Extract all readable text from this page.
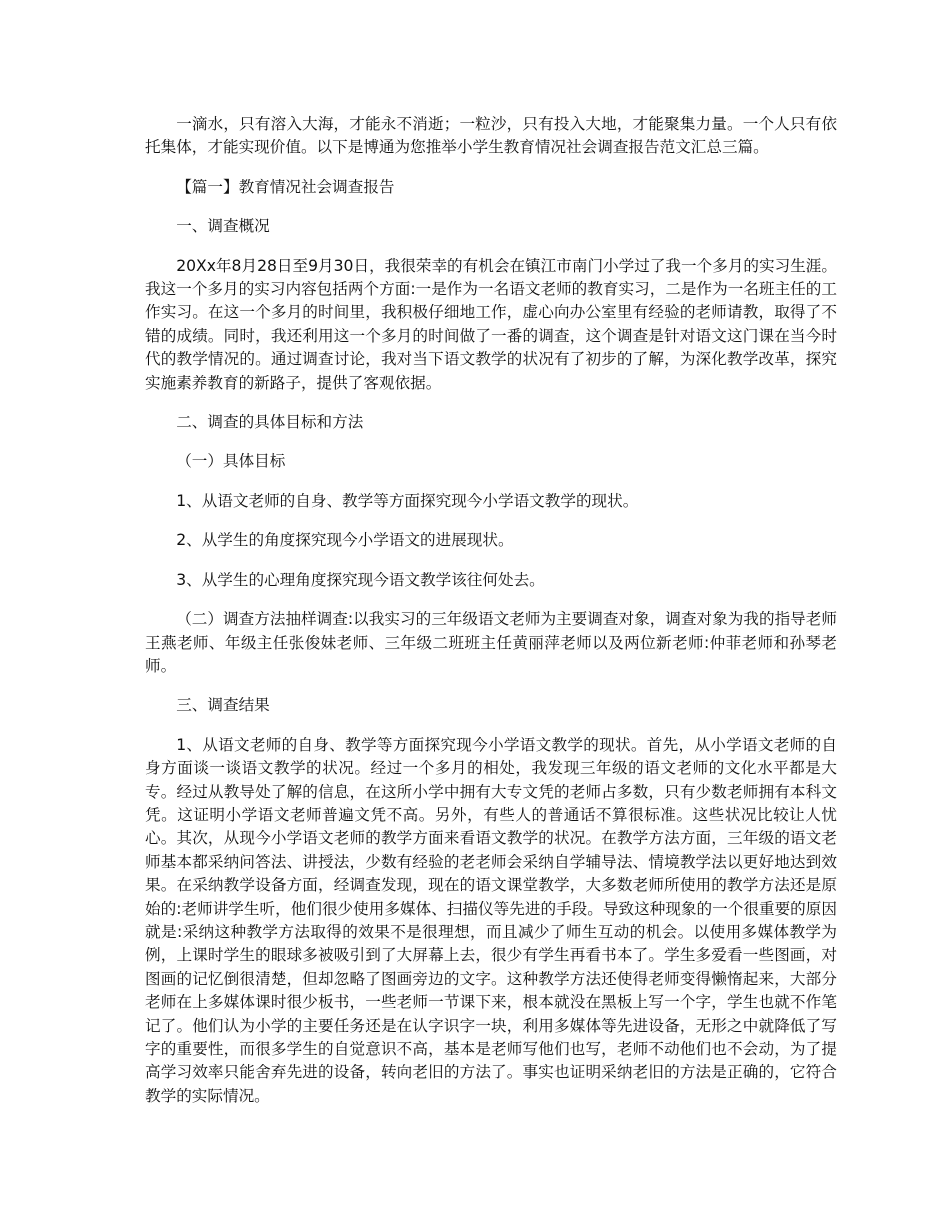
一滴水，只有溶入大海，才能永不消逝；一粒沙，只有投入大地，才能聚集力量。一个人只有依托集体，才能实现价值。以下是博通为您推举小学生教育情况社会调查报告范文汇总三篇。

【篇一】教育情况社会调查报告

一、调查概况

20Xx年8月28日至9月30日，我很荣幸的有机会在镇江市南门小学过了我一个多月的实习生涯。我这一个多月的实习内容包括两个方面:一是作为一名语文老师的教育实习，二是作为一名班主任的工作实习。在这一个多月的时间里，我积极仔细地工作，虚心向办公室里有经验的老师请教，取得了不错的成绩。同时，我还利用这一个多月的时间做了一番的调查，这个调查是针对语文这门课在当今时代的教学情况的。通过调查讨论，我对当下语文教学的状况有了初步的了解，为深化教学改革，探究实施素养教育的新路子，提供了客观依据。

二、调查的具体目标和方法

（一）具体目标

1、从语文老师的自身、教学等方面探究现今小学语文教学的现状。

2、从学生的角度探究现今小学语文的进展现状。

3、从学生的心理角度探究现今语文教学该往何处去。

（二）调查方法抽样调查:以我实习的三年级语文老师为主要调查对象，调查对象为我的指导老师王燕老师、年级主任张俊妹老师、三年级二班班主任黄丽萍老师以及两位新老师:仲菲老师和孙琴老师。

三、调查结果

1、从语文老师的自身、教学等方面探究现今小学语文教学的现状。首先，从小学语文老师的自身方面谈一谈语文教学的状况。经过一个多月的相处，我发现三年级的语文老师的文化水平都是大专。经过从教导处了解的信息，在这所小学中拥有大专文凭的老师占多数，只有少数老师拥有本科文凭。这证明小学语文老师普遍文凭不高。另外，有些人的普通话不算很标准。这些状况比较让人忧心。其次，从现今小学语文老师的教学方面来看语文教学的状况。在教学方法方面，三年级的语文老师基本都采纳问答法、讲授法，少数有经验的老老师会采纳自学辅导法、情境教学法以更好地达到效果。在采纳教学设备方面，经调查发现，现在的语文课堂教学，大多数老师所使用的教学方法还是原始的:老师讲学生听，他们很少使用多媒体、扫描仪等先进的手段。导致这种现象的一个很重要的原因就是:采纳这种教学方法取得的效果不是很理想，而且减少了师生互动的机会。以使用多媒体教学为例，上课时学生的眼球多被吸引到了大屏幕上去，很少有学生再看书本了。学生多爱看一些图画，对图画的记忆倒很清楚，但却忽略了图画旁边的文字。这种教学方法还使得老师变得懒惰起来，大部分老师在上多媒体课时很少板书，一些老师一节课下来，根本就没在黑板上写一个字，学生也就不作笔记了。他们认为小学的主要任务还是在认字识字一块，利用多媒体等先进设备，无形之中就降低了写字的重要性，而很多学生的自觉意识不高，基本是老师写他们也写，老师不动他们也不会动，为了提高学习效率只能舍弃先进的设备，转向老旧的方法了。事实也证明采纳老旧的方法是正确的，它符合教学的实际情况。
